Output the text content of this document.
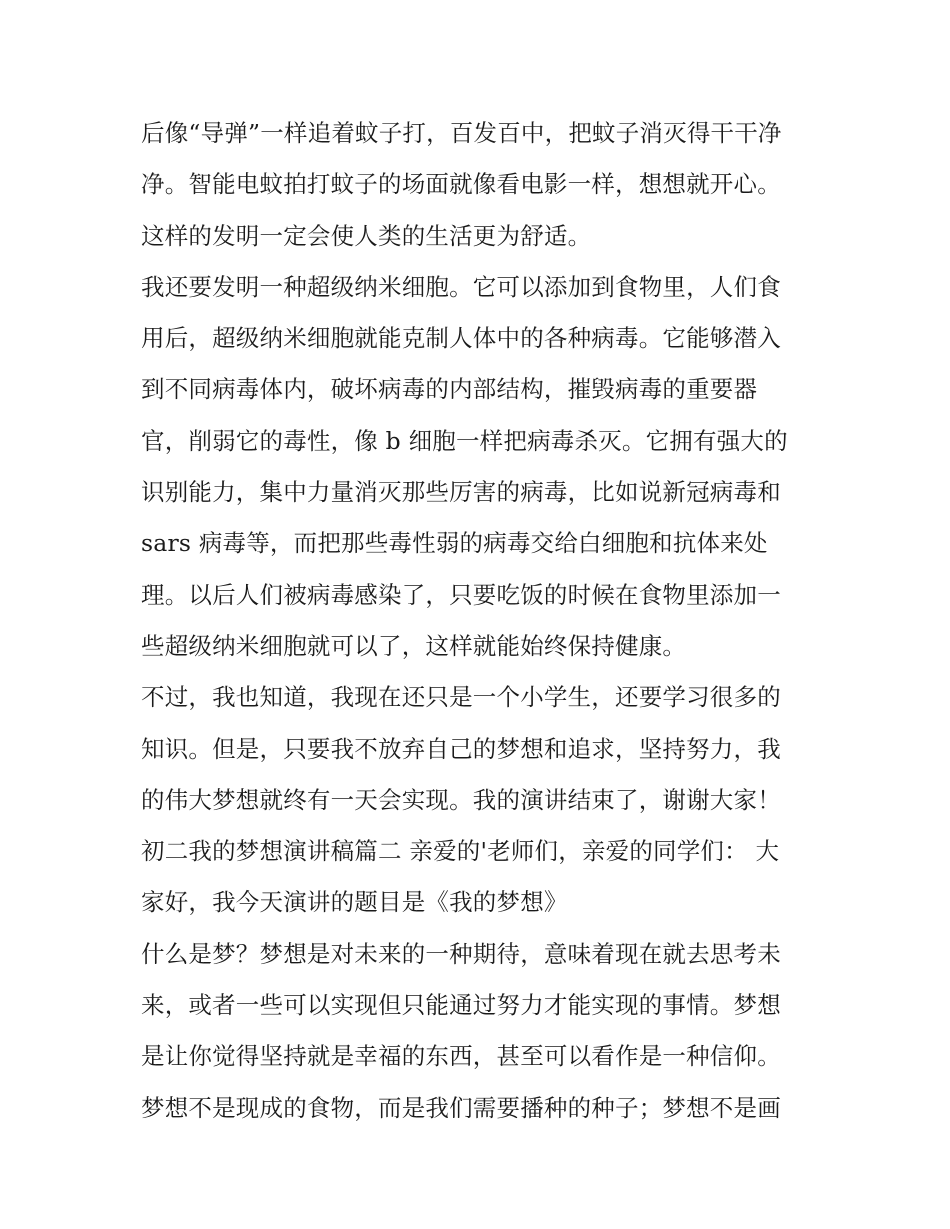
后像“导弹”一样追着蚊子打，百发百中，把蚊子消灭得干干净
净。智能电蚊拍打蚊子的场面就像看电影一样，想想就开心。
这样的发明一定会使人类的生活更为舒适。
我还要发明一种超级纳米细胞。它可以添加到食物里，人们食
用后，超级纳米细胞就能克制人体中的各种病毒。它能够潜入
到不同病毒体内，破坏病毒的内部结构，摧毁病毒的重要器
官，削弱它的毒性，像 b 细胞一样把病毒杀灭。它拥有强大的
识别能力，集中力量消灭那些厉害的病毒，比如说新冠病毒和
sars 病毒等，而把那些毒性弱的病毒交给白细胞和抗体来处
理。以后人们被病毒感染了，只要吃饭的时候在食物里添加一
些超级纳米细胞就可以了，这样就能始终保持健康。
不过，我也知道，我现在还只是一个小学生，还要学习很多的
知识。但是，只要我不放弃自己的梦想和追求，坚持努力，我
的伟大梦想就终有一天会实现。我的演讲结束了，谢谢大家！
初二我的梦想演讲稿篇二 亲爱的'老师们，亲爱的同学们： 大
家好，我今天演讲的题目是《我的梦想》
什么是梦？梦想是对未来的一种期待，意味着现在就去思考未
来，或者一些可以实现但只能通过努力才能实现的事情。梦想
是让你觉得坚持就是幸福的东西，甚至可以看作是一种信仰。
梦想不是现成的食物，而是我们需要播种的种子；梦想不是画
